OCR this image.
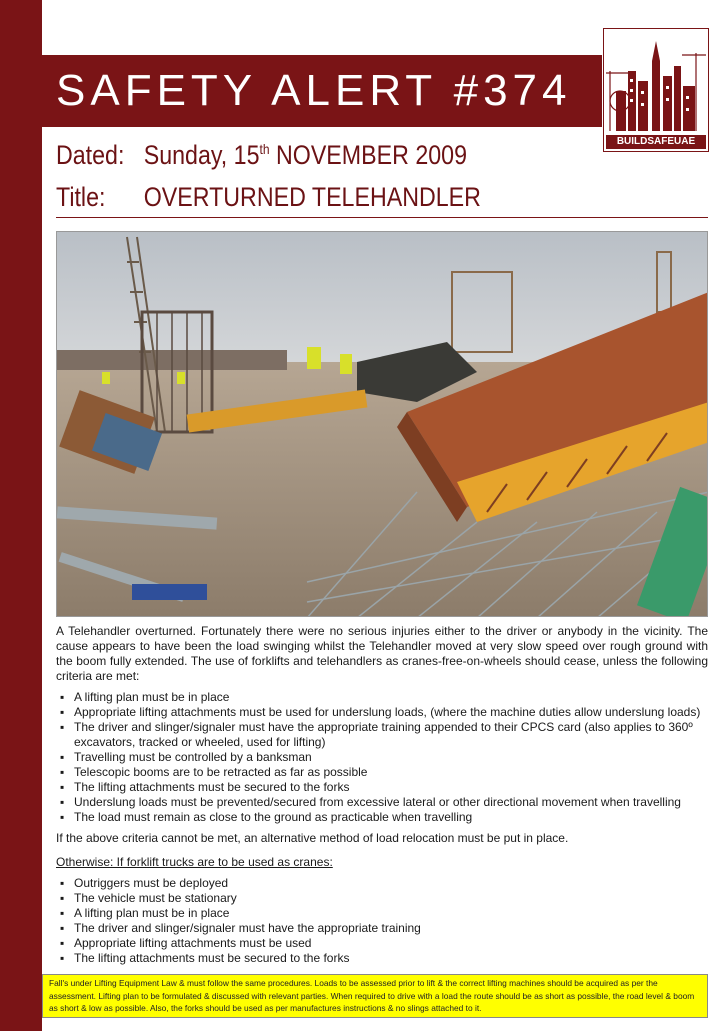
SAFETY ALERT #374
BUILDSAFEUAE
Dated: Sunday, 15th NOVEMBER 2009
Title: OVERTURNED TELEHANDLER

A Telehandler overturned. Fortunately there were no serious injuries either to the driver or anybody in the vicinity. The cause appears to have been the load swinging whilst the Telehandler moved at very slow speed over rough ground with the boom fully extended. The use of forklifts and telehandlers as cranes-free-on-wheels should cease, unless the following criteria are met:

▪ A lifting plan must be in place
▪ Appropriate lifting attachments must be used for underslung loads, (where the machine duties allow underslung loads)
▪ The driver and slinger/signaler must have the appropriate training appended to their CPCS card (also applies to 360º excavators, tracked or wheeled, used for lifting)
▪ Travelling must be controlled by a banksman
▪ Telescopic booms are to be retracted as far as possible
▪ The lifting attachments must be secured to the forks
▪ Underslung loads must be prevented/secured from excessive lateral or other directional movement when travelling
▪ The load must remain as close to the ground as practicable when travelling

If the above criteria cannot be met, an alternative method of load relocation must be put in place.

Otherwise: If forklift trucks are to be used as cranes:

▪ Outriggers must be deployed
▪ The vehicle must be stationary
▪ A lifting plan must be in place
▪ The driver and slinger/signaler must have the appropriate training
▪ Appropriate lifting attachments must be used
▪ The lifting attachments must be secured to the forks
Fall's under Lifting Equipment Law & must follow the same procedures. Loads to be assessed prior to lift & the correct lifting machines should be acquired as per the assessment. Lifting plan to be formulated & discussed with relevant parties. When required to drive with a load the route should be as short as possible, the road level & boom as short & low as possible. Also, the forks should be used as per manufactures instructions & no slings attached to it.
